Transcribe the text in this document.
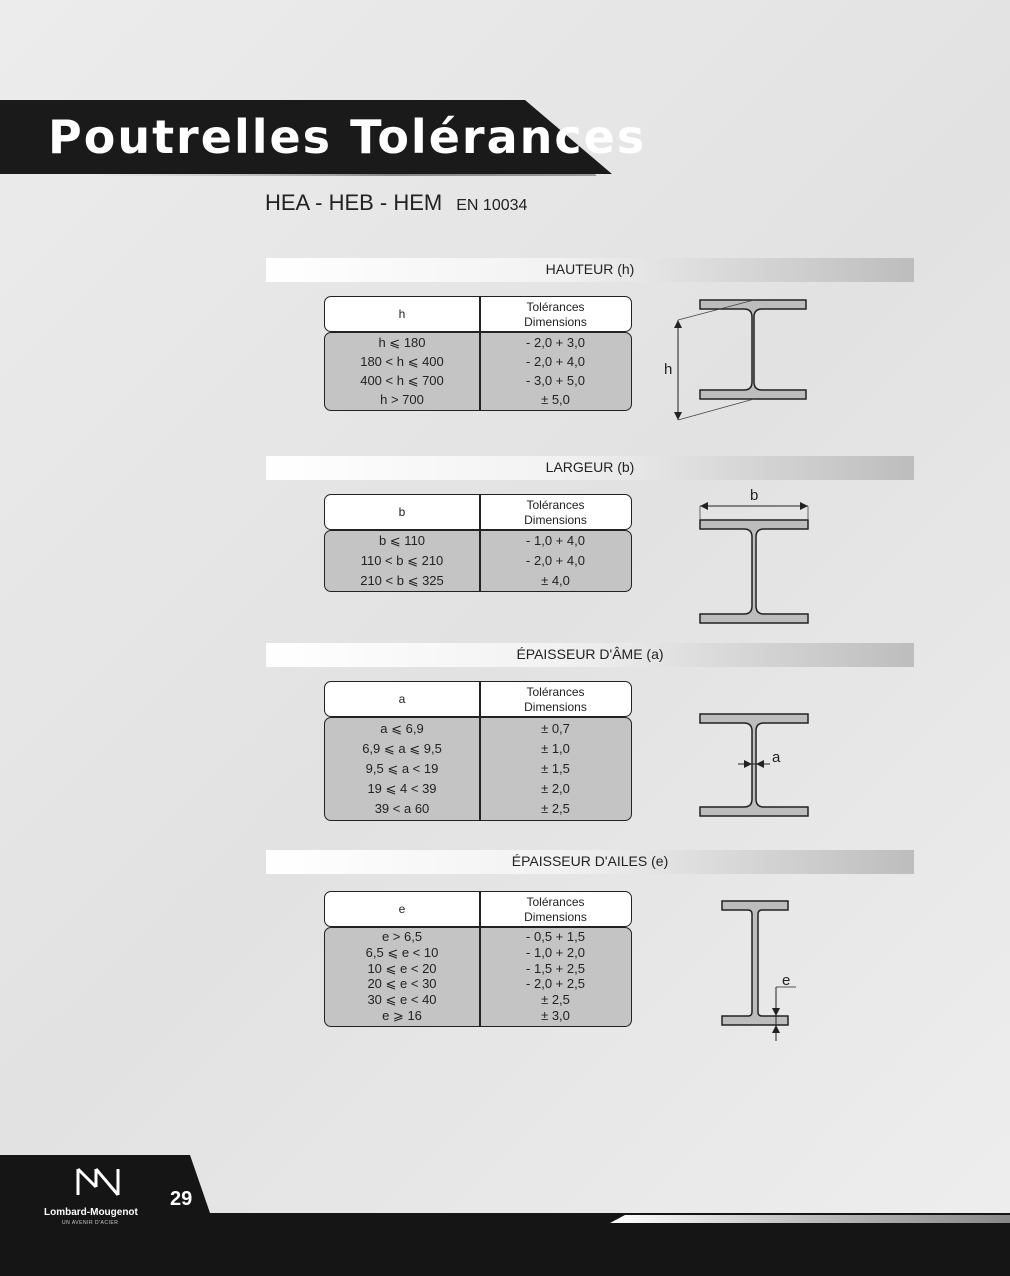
Poutrelles Tolérances
HEA - HEB - HEM EN 10034
HAUTEUR (h)
h	Tolérances
Dimensions
h ⩽ 180	- 2,0 + 3,0
180 < h ⩽ 400	- 2,0 + 4,0
400 < h ⩽ 700	- 3,0 + 5,0
h > 700	± 5,0
h
LARGEUR (b)
b	Tolérances
Dimensions
b ⩽ 110	- 1,0 + 4,0
110 < b ⩽ 210	- 2,0 + 4,0
210 < b ⩽ 325	± 4,0
b
ÉPAISSEUR D'ÂME (a)
a	Tolérances
Dimensions
a ⩽ 6,9	± 0,7
6,9 ⩽ a ⩽ 9,5	± 1,0
9,5 ⩽ a < 19	± 1,5
19 ⩽ 4 < 39	± 2,0
39 < a 60	± 2,5
a
ÉPAISSEUR D'AILES (e)
e	Tolérances
Dimensions
e > 6,5	- 0,5 + 1,5
6,5 ⩽ e < 10	- 1,0 + 2,0
10 ⩽ e < 20	- 1,5 + 2,5
20 ⩽ e < 30	- 2,0 + 2,5
30 ⩽ e < 40	± 2,5
e ⩾ 16	± 3,0
e
Lombard-Mougenot
UN AVENIR D'ACIER
29
